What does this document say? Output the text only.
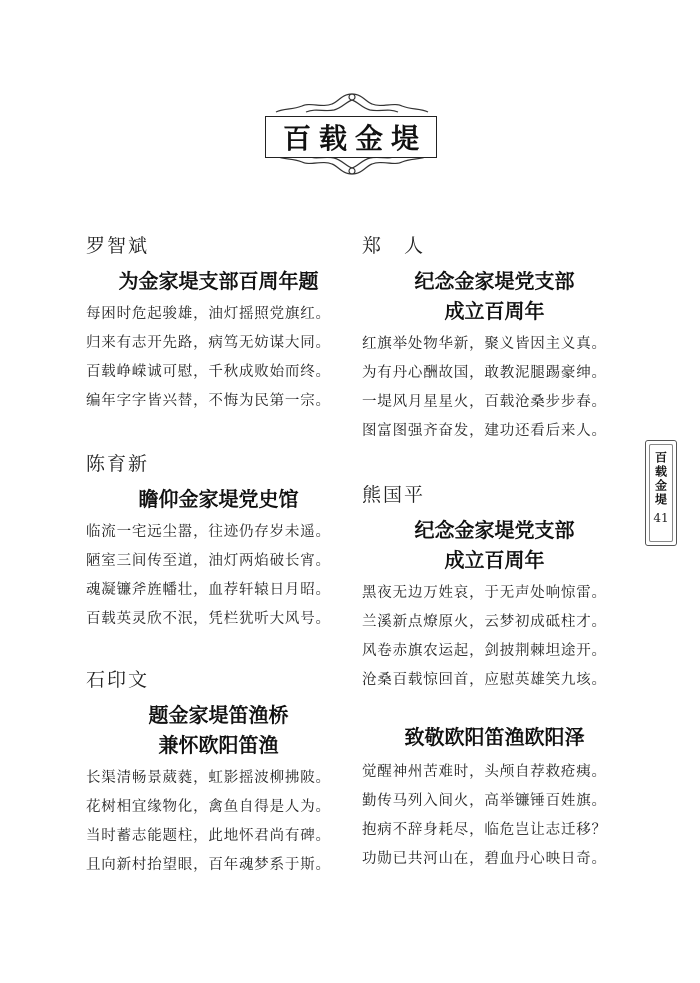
百载金堤
罗智斌
为金家堤支部百周年题
每困时危起骏雄，油灯摇照党旗红。
归来有志开先路，病笃无妨谋大同。
百载峥嵘诚可慰，千秋成败始而终。
编年字字皆兴替，不悔为民第一宗。
陈育新
瞻仰金家堤党史馆
临流一宅远尘嚣，往迹仍存岁未遥。
陋室三间传至道，油灯两焰破长宵。
魂凝镰斧旌幡壮，血荐轩辕日月昭。
百载英灵欣不泯，凭栏犹听大风号。
石印文
题金家堤笛渔桥
兼怀欧阳笛渔
长渠清畅景葳蕤，虹影摇波柳拂陂。
花树相宜缘物化，禽鱼自得是人为。
当时蓄志能题柱，此地怀君尚有碑。
且向新村抬望眼，百年魂梦系于斯。
郑　人
纪念金家堤党支部
成立百周年
红旗举处物华新，聚义皆因主义真。
为有丹心酬故国，敢教泥腿踢豪绅。
一堤风月星星火，百载沧桑步步春。
图富图强齐奋发，建功还看后来人。
熊国平
纪念金家堤党支部
成立百周年
黑夜无边万姓哀，于无声处响惊雷。
兰溪新点燎原火，云梦初成砥柱才。
风卷赤旗农运起，剑披荆棘坦途开。
沧桑百载惊回首，应慰英雄笑九垓。
致敬欧阳笛渔欧阳泽
觉醒神州苦难时，头颅自荐救疮痍。
勤传马列入间火，高举镰锤百姓旗。
抱病不辞身耗尽，临危岂让志迁移？
功勋已共河山在，碧血丹心映日奇。
百载金堤
41
